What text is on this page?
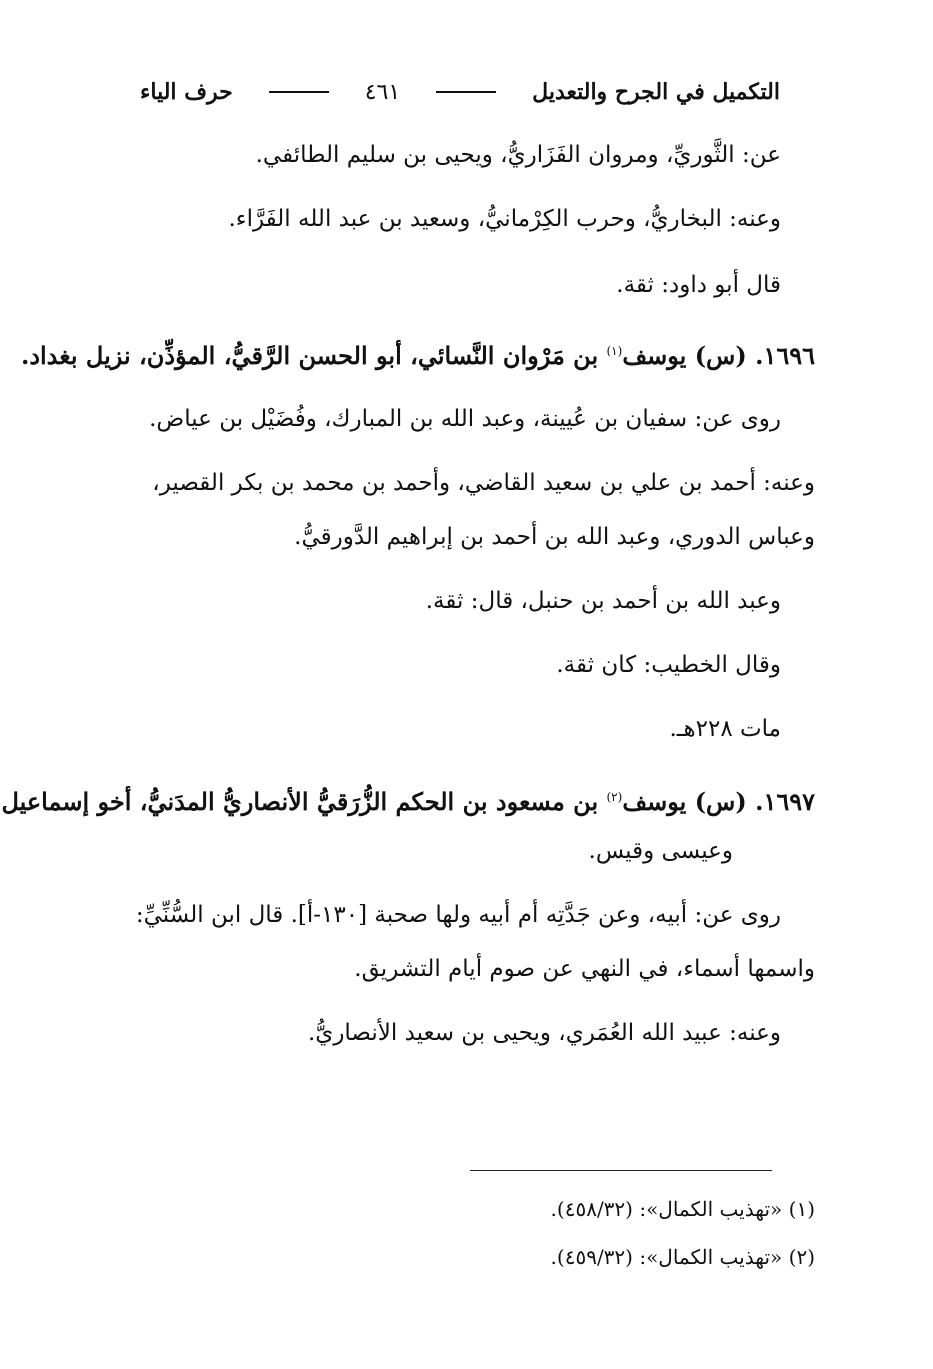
التكميل في الجرح والتعديل
٤٦١
حرف الياء
عن: الثَّوريِّ، ومروان الفَزَاريُّ، ويحيى بن سليم الطائفي.
وعنه: البخاريُّ، وحرب الكِرْمانيُّ، وسعيد بن عبد الله الفَرَّاء.
قال أبو داود: ثقة.
١٦٩٦. (س) يوسف$^{(١)}$ بن مَرْوان النَّسائي، أبو الحسن الرَّقيُّ، المؤذِّن، نزيل بغداد.
روى عن: سفيان بن عُيينة، وعبد الله بن المبارك، وفُضَيْل بن عياض.
وعنه: أحمد بن علي بن سعيد القاضي، وأحمد بن محمد بن بكر القصير،
وعباس الدوري، وعبد الله بن أحمد بن إبراهيم الدَّورقيُّ.
وعبد الله بن أحمد بن حنبل، قال: ثقة.
وقال الخطيب: كان ثقة.
مات ٢٢٨هـ.
١٦٩٧. (س) يوسف$^{(٢)}$ بن مسعود بن الحكم الزُّرَقيُّ الأنصاريُّ المدَنيُّ، أخو إسماعيل
وعيسى وقيس.
روى عن: أبيه، وعن جَدَّتِه أم أبيه ولها صحبة [١٣٠-أ]. قال ابن السُّنِّيِّ:
واسمها أسماء، في النهي عن صوم أيام التشريق.
وعنه: عبيد الله العُمَري، ويحيى بن سعيد الأنصاريُّ.
(١) «تهذيب الكمال»: (٤٥٨/٣٢).
(٢) «تهذيب الكمال»: (٤٥٩/٣٢).
